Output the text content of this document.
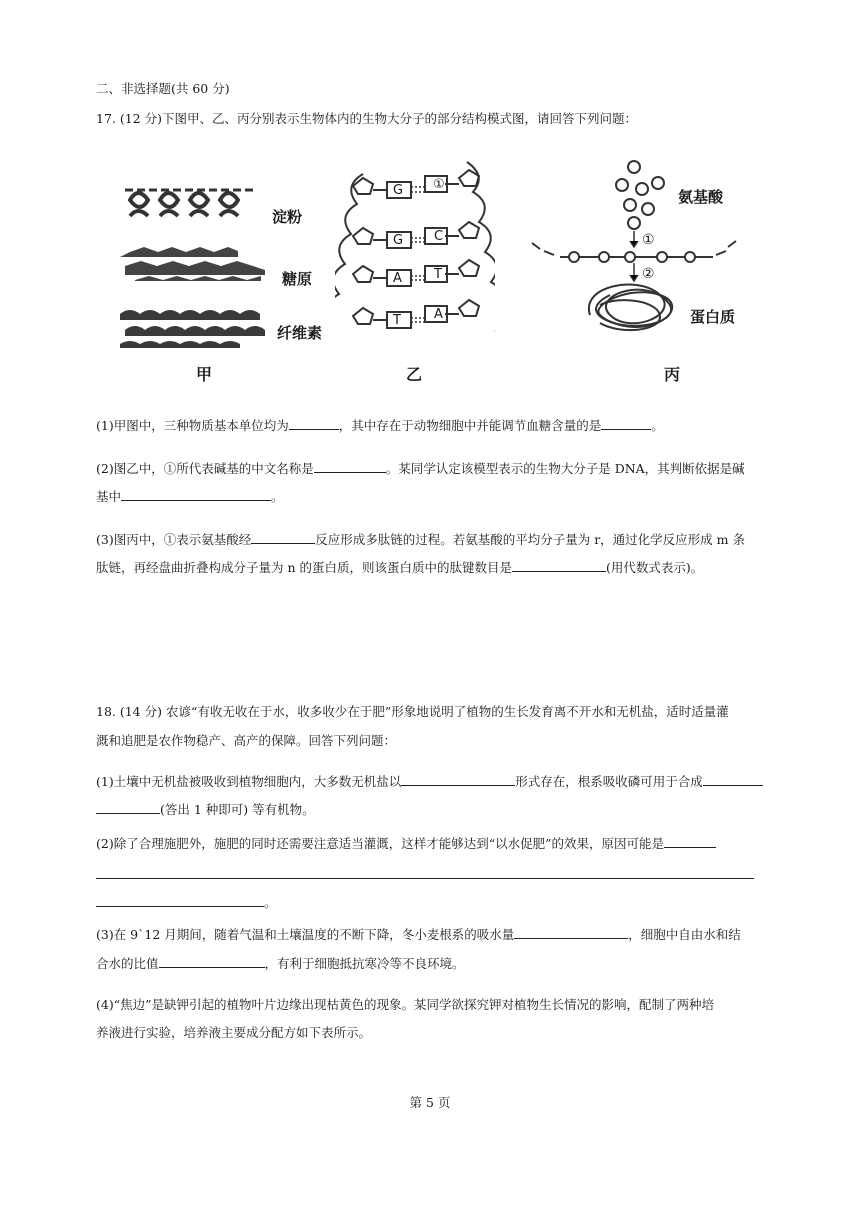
二、非选择题(共 60 分)
17. (12 分)下图甲、乙、丙分别表示生物体内的生物大分子的部分结构模式图，请回答下列问题：
淀粉
糖原
纤维素
甲
G ①
G C
A T
T	A
乙
氨基酸
①
②
蛋白质
丙
(1)甲图中，三种物质基本单位均为	，其中存在于动物细胞中并能调节血糖含量的是	。
(2)图乙中，①所代表碱基的中文名称是	。某同学认定该模型表示的生物大分子是 DNA，其判断依据是碱
基中	。
(3)图丙中，①表示氨基酸经	反应形成多肽链的过程。若氨基酸的平均分子量为 r，通过化学反应形成 m 条
肽链，再经盘曲折叠构成分子量为 n 的蛋白质，则该蛋白质中的肽键数目是	(用代数式表示)。
18. (14 分) 农谚“有收无收在于水，收多收少在于肥”形象地说明了植物的生长发育离不开水和无机盐，适时适量灌
溉和追肥是农作物稳产、高产的保障。回答下列问题：
(1)土壤中无机盐被吸收到植物细胞内，大多数无机盐以	形式存在，根系吸收磷可用于合成
(答出 1 种即可) 等有机物。
(2)除了合理施肥外，施肥的同时还需要注意适当灌溉，这样才能够达到“以水促肥”的效果，原因可能是
。
(3)在 9`12 月期间，随着气温和土壤温度的不断下降，冬小麦根系的吸水量	，细胞中自由水和结
合水的比值	，有利于细胞抵抗寒冷等不良环境。
(4)“焦边”是缺钾引起的植物叶片边缘出现枯黄色的现象。某同学欲探究钾对植物生长情况的影响，配制了两种培
养液进行实验，培养液主要成分配方如下表所示。
第 5 页
